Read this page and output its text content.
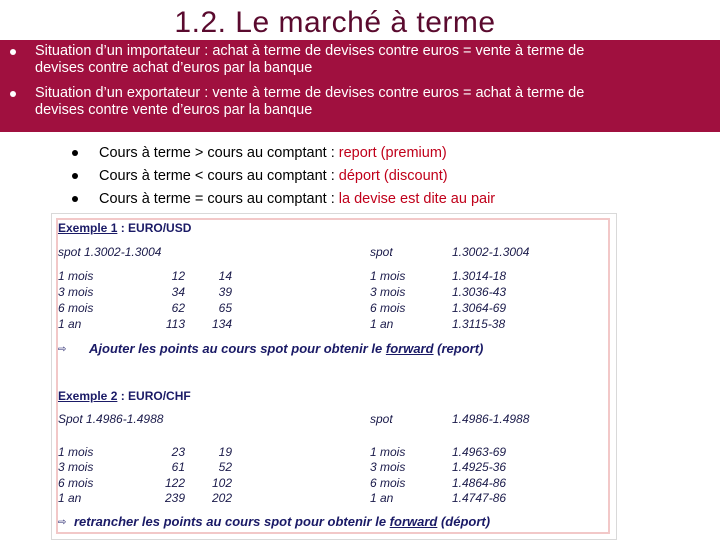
1.2. Le marché à terme
Situation d’un importateur : achat à terme de devises contre euros = vente à terme de devises contre achat d’euros par la banque
Situation d’un exportateur : vente à terme de devises contre euros = achat à terme de devises contre vente d’euros par la banque
Cours à terme > cours au comptant : report (premium)
Cours à terme < cours au comptant : déport (discount)
Cours à terme = cours au comptant : la devise est dite au pair
Exemple 1 : EURO/USD
spot 1.3002-1.3004	spot	1.3002-1.3004
1 mois	12	14	1 mois	1.3014-18
3 mois	34	39	3 mois	1.3036-43
6 mois	62	65	6 mois	1.3064-69
1 an	113	134	1 an	1.3115-38
⇨ Ajouter les points au cours spot pour obtenir le forward (report)
Exemple 2 : EURO/CHF
Spot 1.4986-1.4988	spot	1.4986-1.4988
1 mois	23	19	1 mois	1.4963-69
3 mois	61	52	3 mois	1.4925-36
6 mois	122	102	6 mois	1.4864-86
1 an	239	202	1 an	1.4747-86
⇨ retrancher les points au cours spot pour obtenir le forward (déport)
